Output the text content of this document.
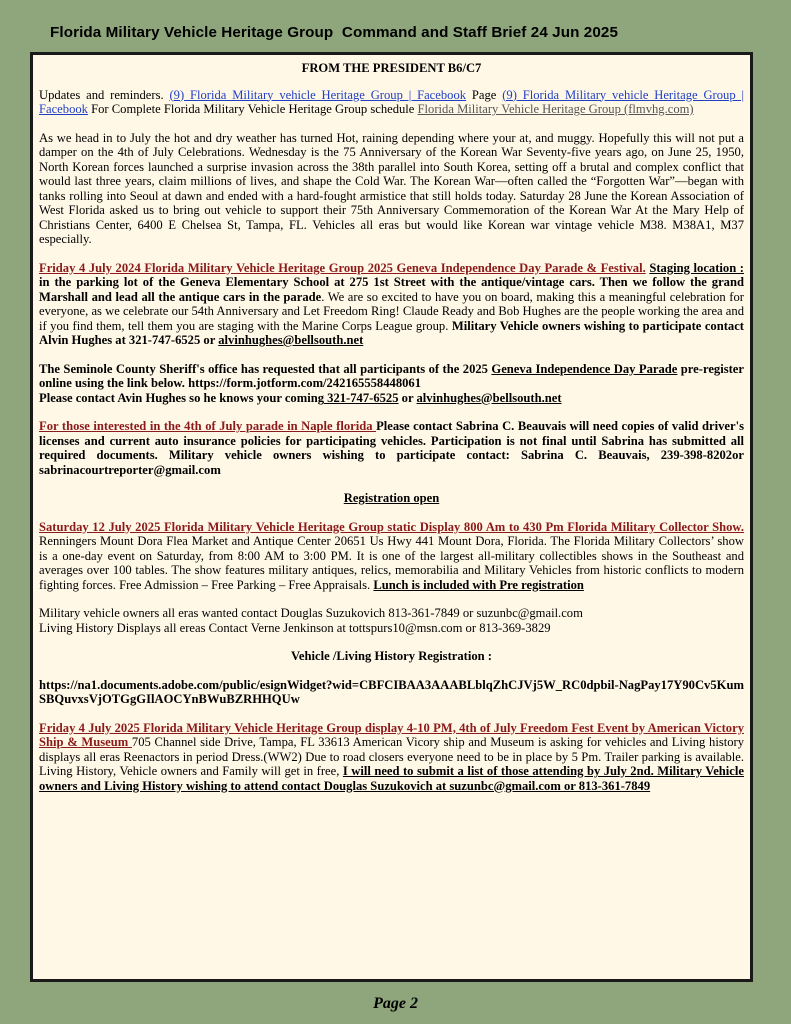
Florida Military Vehicle Heritage Group  Command and Staff Brief 24 Jun 2025
FROM THE PRESIDENT B6/C7

Updates and reminders. (9) Florida Military vehicle Heritage Group | Facebook Page (9) Florida Military vehicle Heritage Group | Facebook For Complete Florida Military Vehicle Heritage Group schedule Florida Military Vehicle Heritage Group (flmvhg.com)

As we head in to July the hot and dry weather has turned Hot, raining depending where your at, and muggy. Hopefully this will not put a damper on the 4th of July Celebrations. Wednesday is the 75 Anniversary of the Korean War Seventy-five years ago, on June 25, 1950, North Korean forces launched a surprise invasion across the 38th parallel into South Korea, setting off a brutal and complex conflict that would last three years, claim millions of lives, and shape the Cold War. The Korean War—often called the “Forgotten War”—began with tanks rolling into Seoul at dawn and ended with a hard-fought armistice that still holds today. Saturday 28 June the Korean Association of West Florida asked us to bring out vehicle to support their 75th Anniversary Commemoration of the Korean War At the Mary Help of Christians Center, 6400 E Chelsea St, Tampa, FL. Vehicles all eras but would like Korean war vintage vehicle M38. M38A1, M37 especially.

Friday 4 July 2024 Florida Military Vehicle Heritage Group 2025 Geneva Independence Day Parade & Festival. Staging location : in the parking lot of the Geneva Elementary School at 275 1st Street with the antique/vintage cars. Then we follow the grand Marshall and lead all the antique cars in the parade. We are so excited to have you on board, making this a meaningful celebration for everyone, as we celebrate our 54th Anniversary and Let Freedom Ring! Claude Ready and Bob Hughes are the people working the area and if you find them, tell them you are staging with the Marine Corps League group. Military Vehicle owners wishing to participate contact Alvin Hughes at 321-747-6525 or alvinhughes@bellsouth.net

The Seminole County Sheriff's office has requested that all participants of the 2025 Geneva Independence Day Parade pre-register online using the link below. https://form.jotform.com/242165558448061
Please contact Avin Hughes so he knows your coming 321-747-6525 or alvinhughes@bellsouth.net

For those interested in the 4th of July parade in Naple florida Please contact Sabrina C. Beauvais will need copies of valid driver's licenses and current auto insurance policies for participating vehicles. Participation is not final until Sabrina has submitted all required documents. Military vehicle owners wishing to participate contact: Sabrina C. Beauvais, 239-398-8202or sabrinacourtreporter@gmail.com

Registration open

Saturday 12 July 2025 Florida Military Vehicle Heritage Group static Display 800 Am to 430 Pm Florida Military Collector Show. Renningers Mount Dora Flea Market and Antique Center 20651 Us Hwy 441 Mount Dora, Florida. The Florida Military Collectors’ show is a one-day event on Saturday, from 8:00 AM to 3:00 PM. It is one of the largest all-military collectibles shows in the Southeast and averages over 100 tables. The show features military antiques, relics, memorabilia and Military Vehicles from historic conflicts to modern fighting forces. Free Admission – Free Parking – Free Appraisals. Lunch is included with Pre registration

Military vehicle owners all eras wanted contact Douglas Suzukovich 813-361-7849 or suzunbc@gmail.com
Living History Displays all ereas Contact Verne Jenkinson at tottspurs10@msn.com or 813-369-3829

Vehicle /Living History Registration :

https://na1.documents.adobe.com/public/esignWidget?wid=CBFCIBAA3AAABLblqZhCJVj5W_RC0dpbil-NagPay17Y90Cv5KumSBQuvxsVjOTGgGIlAOCYnBWuBZRHHQUw

Friday 4 July 2025 Florida Military Vehicle Heritage Group display 4-10 PM, 4th of July Freedom Fest Event by American Victory Ship & Museum 705 Channel side Drive, Tampa, FL 33613 American Vicory ship and Museum is asking for vehicles and Living history displays all eras Reenactors in period Dress.(WW2) Due to road closers everyone need to be in place by 5 Pm. Trailer parking is available. Living History, Vehicle owners and Family will get in free, I will need to submit a list of those attending by July 2nd. Military Vehicle owners and Living History wishing to attend contact Douglas Suzukovich at suzunbc@gmail.com or 813-361-7849

Page 2
